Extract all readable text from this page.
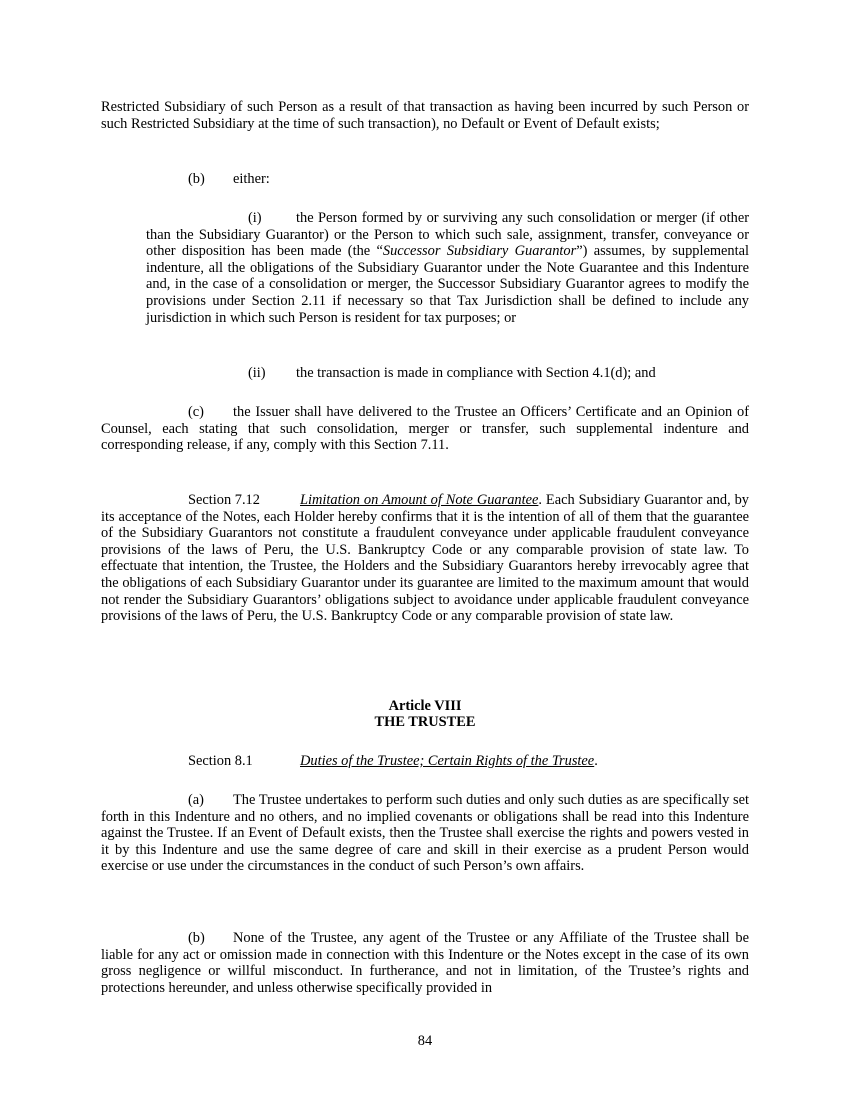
Restricted Subsidiary of such Person as a result of that transaction as having been incurred by such Person or such Restricted Subsidiary at the time of such transaction), no Default or Event of Default exists;
(b) either:
(i) the Person formed by or surviving any such consolidation or merger (if other than the Subsidiary Guarantor) or the Person to which such sale, assignment, transfer, conveyance or other disposition has been made (the “Successor Subsidiary Guarantor”) assumes, by supplemental indenture, all the obligations of the Subsidiary Guarantor under the Note Guarantee and this Indenture and, in the case of a consolidation or merger, the Successor Subsidiary Guarantor agrees to modify the provisions under Section 2.11 if necessary so that Tax Jurisdiction shall be defined to include any jurisdiction in which such Person is resident for tax purposes; or
(ii) the transaction is made in compliance with Section 4.1(d); and
(c) the Issuer shall have delivered to the Trustee an Officers’ Certificate and an Opinion of Counsel, each stating that such consolidation, merger or transfer, such supplemental indenture and corresponding release, if any, comply with this Section 7.11.
Section 7.12	Limitation on Amount of Note Guarantee. Each Subsidiary Guarantor and, by its acceptance of the Notes, each Holder hereby confirms that it is the intention of all of them that the guarantee of the Subsidiary Guarantors not constitute a fraudulent conveyance under applicable fraudulent conveyance provisions of the laws of Peru, the U.S. Bankruptcy Code or any comparable provision of state law. To effectuate that intention, the Trustee, the Holders and the Subsidiary Guarantors hereby irrevocably agree that the obligations of each Subsidiary Guarantor under its guarantee are limited to the maximum amount that would not render the Subsidiary Guarantors’ obligations subject to avoidance under applicable fraudulent conveyance provisions of the laws of Peru, the U.S. Bankruptcy Code or any comparable provision of state law.
Article VIII
THE TRUSTEE
Section 8.1	Duties of the Trustee; Certain Rights of the Trustee.
(a) The Trustee undertakes to perform such duties and only such duties as are specifically set forth in this Indenture and no others, and no implied covenants or obligations shall be read into this Indenture against the Trustee. If an Event of Default exists, then the Trustee shall exercise the rights and powers vested in it by this Indenture and use the same degree of care and skill in their exercise as a prudent Person would exercise or use under the circumstances in the conduct of such Person’s own affairs.
(b) None of the Trustee, any agent of the Trustee or any Affiliate of the Trustee shall be liable for any act or omission made in connection with this Indenture or the Notes except in the case of its own gross negligence or willful misconduct. In furtherance, and not in limitation, of the Trustee’s rights and protections hereunder, and unless otherwise specifically provided in
84
